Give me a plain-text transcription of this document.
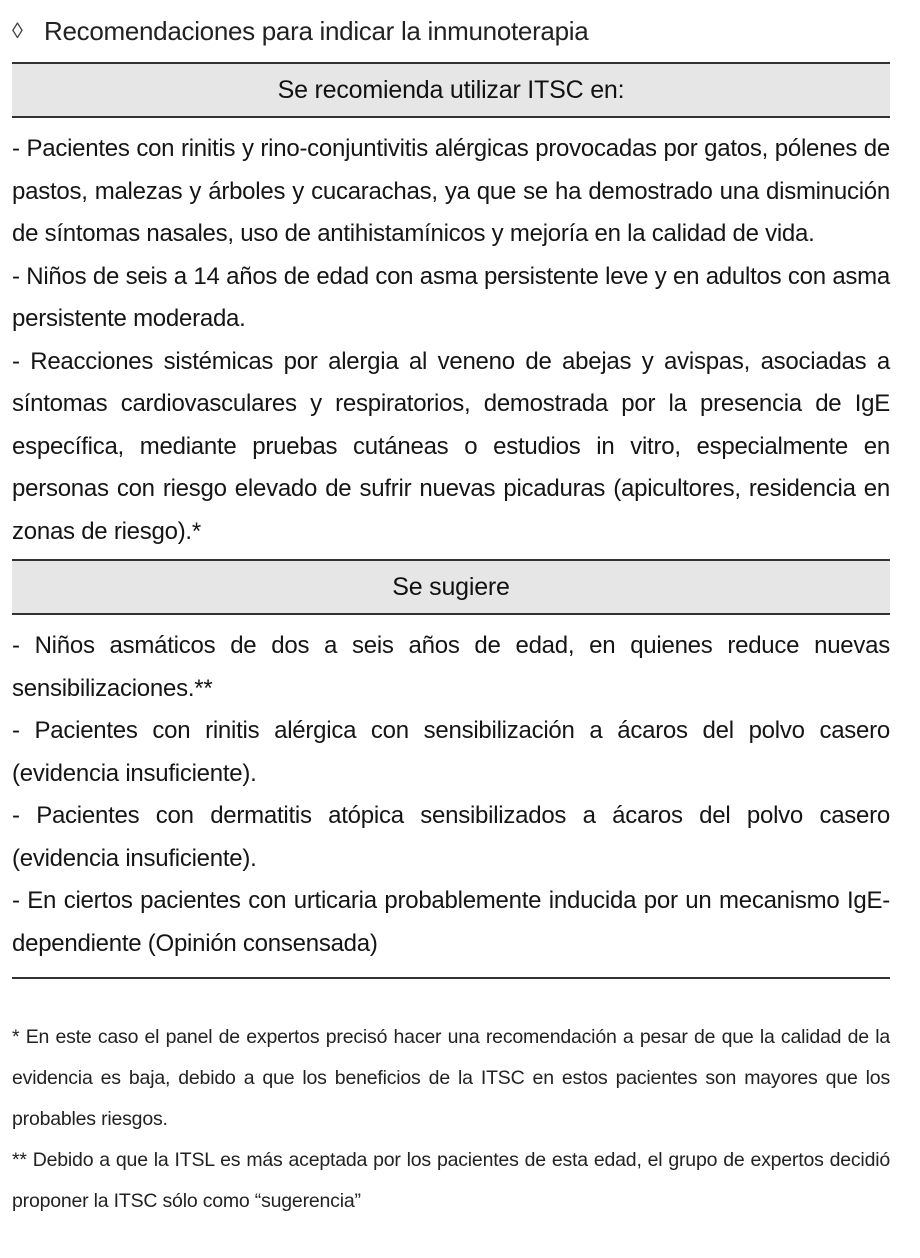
◊ Recomendaciones para indicar la inmunoterapia
Se recomienda utilizar ITSC en:

- Pacientes con rinitis y rino-conjuntivitis alérgicas provocadas por gatos, pólenes de pastos, malezas y árboles y cucarachas, ya que se ha demostrado una disminución de síntomas nasales, uso de antihistamínicos y mejoría en la calidad de vida.

- Niños de seis a 14 años de edad con asma persistente leve y en adultos con asma persistente moderada.

- Reacciones sistémicas por alergia al veneno de abejas y avispas, asociadas a síntomas cardiovasculares y respiratorios, demostrada por la presencia de IgE específica, mediante pruebas cutáneas o estudios in vitro, especialmente en personas con riesgo elevado de sufrir nuevas picaduras (apicultores, residencia en zonas de riesgo).*

Se sugiere

- Niños asmáticos de dos a seis años de edad, en quienes reduce nuevas sensibilizaciones.**

- Pacientes con rinitis alérgica con sensibilización a ácaros del polvo casero (evidencia insuficiente).

- Pacientes con dermatitis atópica sensibilizados a ácaros del polvo casero (evidencia insuficiente).

- En ciertos pacientes con urticaria probablemente inducida por un mecanismo IgE-dependiente (Opinión consensada)

* En este caso el panel de expertos precisó hacer una recomendación a pesar de que la calidad de la evidencia es baja, debido a que los beneficios de la ITSC en estos pacientes son mayores que los probables riesgos.

** Debido a que la ITSL es más aceptada por los pacientes de esta edad, el grupo de expertos decidió proponer la ITSC sólo como “sugerencia”
